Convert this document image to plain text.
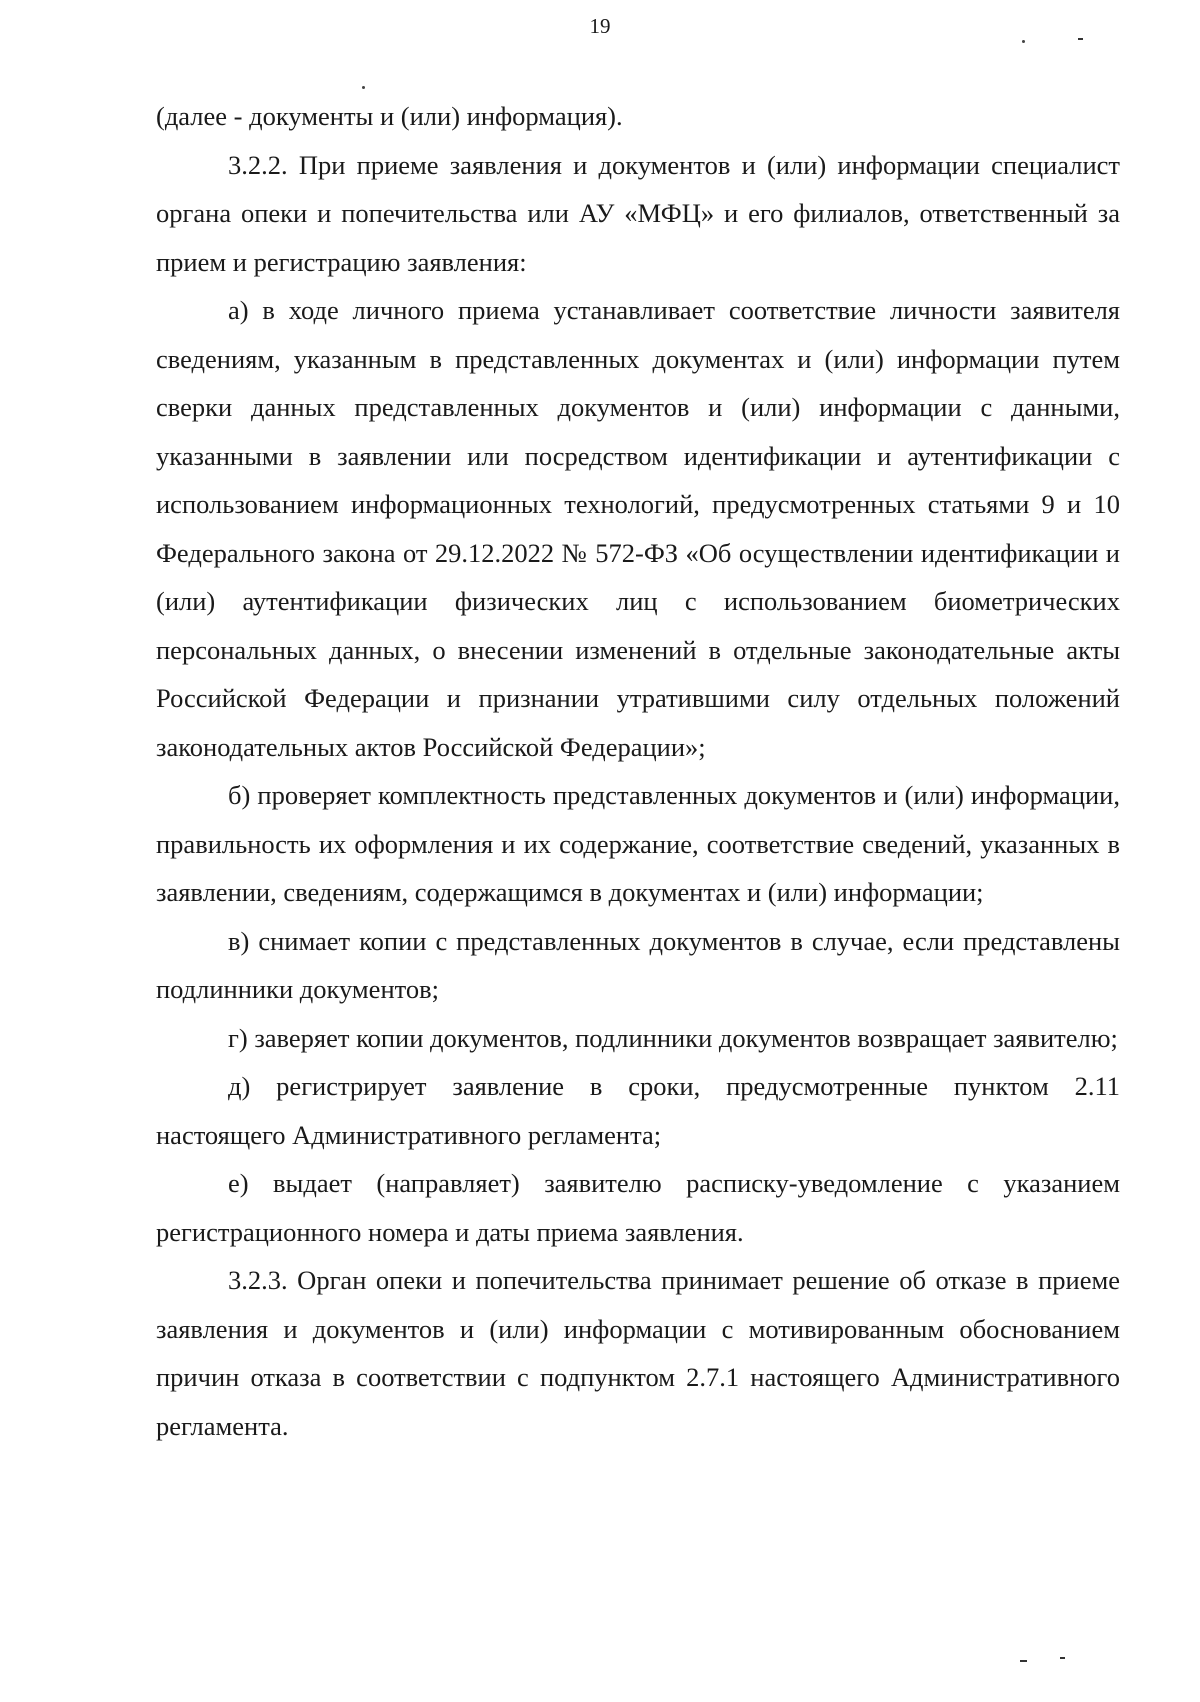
19

(далее - документы и (или) информация).

3.2.2. При приеме заявления и документов и (или) информации специалист органа опеки и попечительства или АУ «МФЦ» и его филиалов, ответственный за прием и регистрацию заявления:

а) в ходе личного приема устанавливает соответствие личности заявителя сведениям, указанным в представленных документах и (или) информации путем сверки данных представленных документов и (или) информации с данными, указанными в заявлении или посредством идентификации и аутентификации с использованием информационных технологий, предусмотренных статьями 9 и 10 Федерального закона от 29.12.2022 № 572-ФЗ «Об осуществлении идентификации и (или) аутентификации физических лиц с использованием биометрических персональных данных, о внесении изменений в отдельные законодательные акты Российской Федерации и признании утратившими силу отдельных положений законодательных актов Российской Федерации»;

б) проверяет комплектность представленных документов и (или) информации, правильность их оформления и их содержание, соответствие сведений, указанных в заявлении, сведениям, содержащимся в документах и (или) информации;

в) снимает копии с представленных документов в случае, если представлены подлинники документов;

г) заверяет копии документов, подлинники документов возвращает заявителю;

д) регистрирует заявление в сроки, предусмотренные пунктом 2.11 настоящего Административного регламента;

е) выдает (направляет) заявителю расписку-уведомление с указанием регистрационного номера и даты приема заявления.

3.2.3. Орган опеки и попечительства принимает решение об отказе в приеме заявления и документов и (или) информации с мотивированным обоснованием причин отказа в соответствии с подпунктом 2.7.1 настоящего Административного регламента.
